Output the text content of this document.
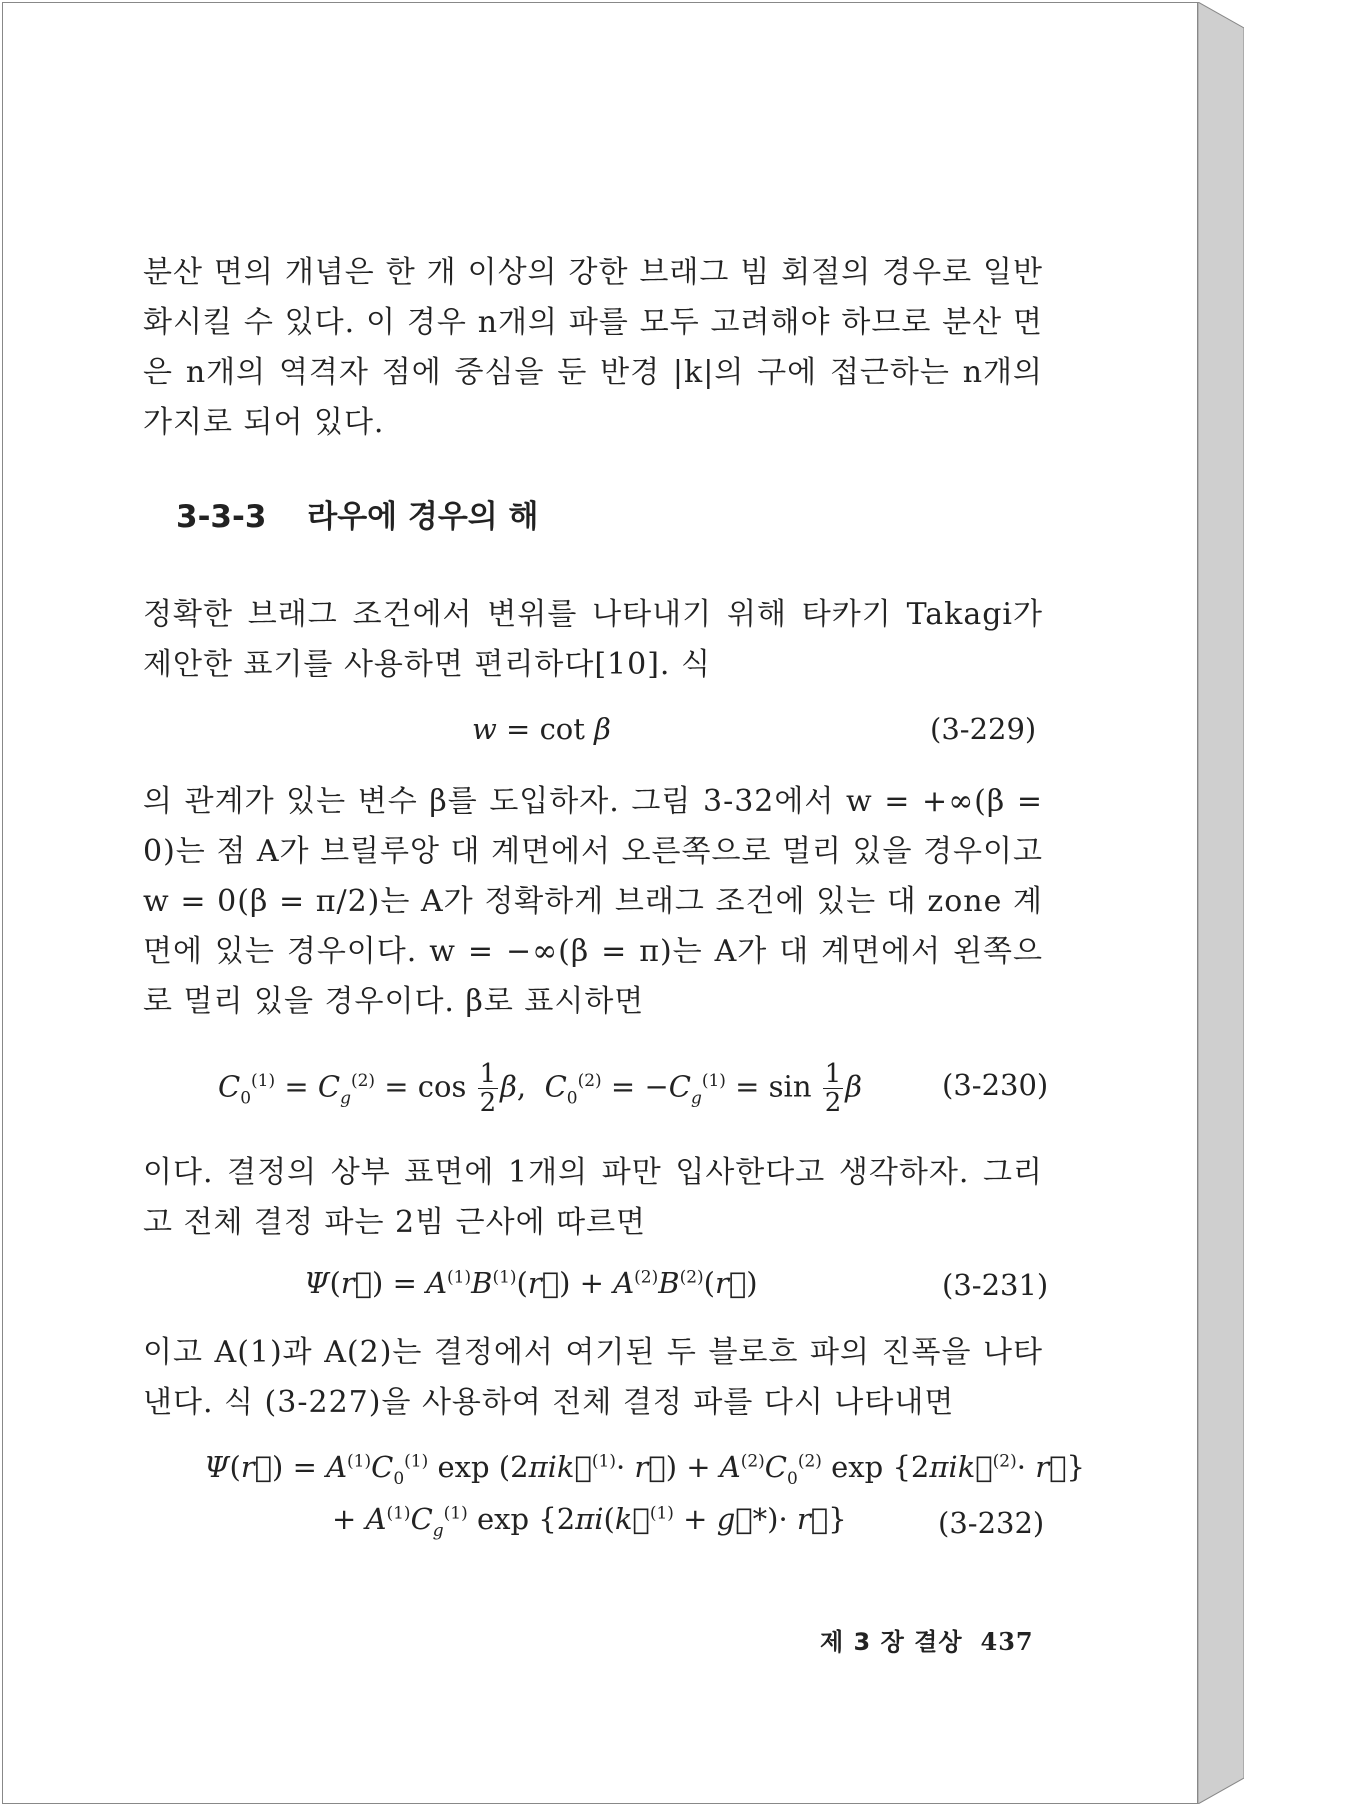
분산 면의 개념은 한 개 이상의 강한 브래그 빔 회절의 경우로 일반화시킬 수 있다. 이 경우 n개의 파를 모두 고려해야 하므로 분산 면은 n개의 역격자 점에 중심을 둔 반경 |k|의 구에 접근하는 n개의 가지로 되어 있다.

3-3-3 라우에 경우의 해

정확한 브래그 조건에서 변위를 나타내기 위해 타카기 Takagi가 제안한 표기를 사용하면 편리하다[10]. 식

w = cot β	(3-229)

의 관계가 있는 변수 β를 도입하자. 그림 3-32에서 w = +∞(β = 0)는 점 A가 브릴루앙 대 계면에서 오른쪽으로 멀리 있을 경우이고 w = 0(β = π/2)는 A가 정확하게 브래그 조건에 있는 대 zone 계면에 있는 경우이다. w = −∞(β = π)는 A가 대 계면에서 왼쪽으로 멀리 있을 경우이다. β로 표시하면

$C_0^{(1)} = C_g^{(2)} = \cos \frac{1}{2} \beta$,  $C_0^{(2)} = -C_g^{(1)} = \sin \frac{1}{2}$ β	(3-230)

이다. 결정의 상부 표면에 1개의 파만 입사한다고 생각하자. 그리고 전체 결정 파는 2빔 근사에 따르면

Ψ(r⃗) = $A^{(1)}B^{(1)}(r⃗)$ + $A^{(2)}B^{(2)}(r⃗)$	(3-231)

이고 A(1)과 A(2)는 결정에서 여기된 두 블로흐 파의 진폭을 나타낸다. 식 (3-227)을 사용하여 전체 결정 파를 다시 나타내면

Ψ(r⃗) = $A^{(1)}C_0^{(1)}$ exp (2πik⃗$^{(1)}$· r⃗) + $A^{(2)}C_0^{(2)}$ exp {2πik⃗$^{(2)}$· r⃗}
+ $A^{(1)}C_g^{(1)}$ exp {2πi(k⃗$^{(1)}$ + g⃗*)· r⃗}	(3-232)
제 3 장 결상 437
